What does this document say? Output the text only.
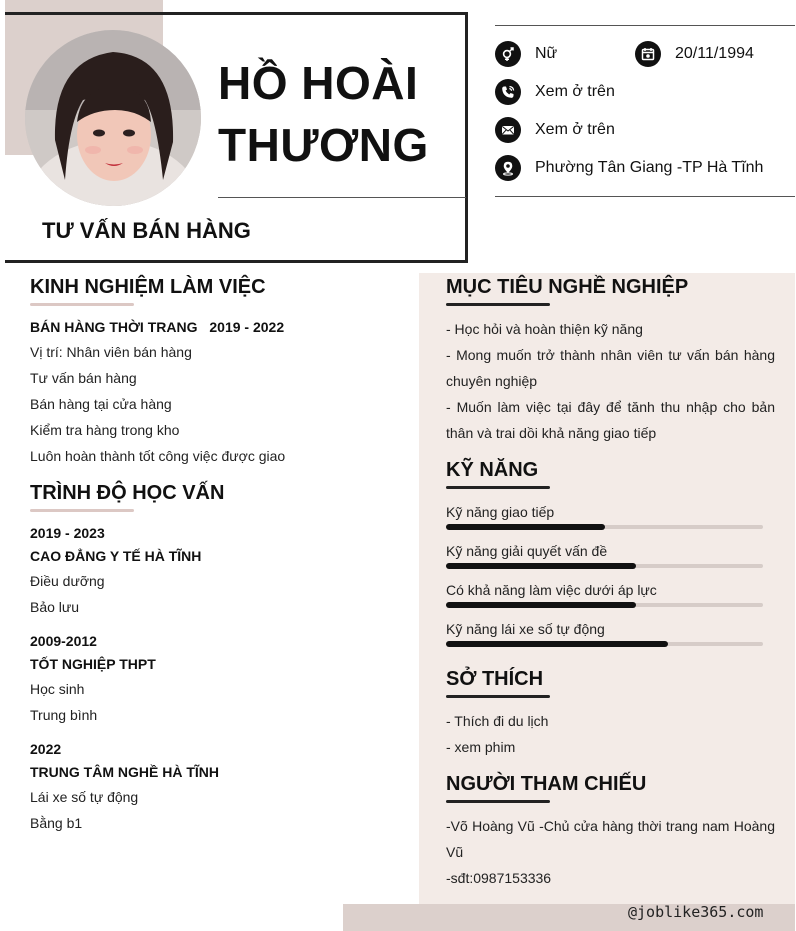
HỒ HOÀI
THƯƠNG
TƯ VẤN BÁN HÀNG
Nữ	20/11/1994
Xem ở trên
Xem ở trên
Phường Tân Giang -TP Hà Tĩnh
KINH NGHIỆM LÀM VIỆC
BÁN HÀNG THỜI TRANG 2019 - 2022
Vị trí: Nhân viên bán hàng
Tư vấn bán hàng
Bán hàng tại cửa hàng
Kiểm tra hàng trong kho
Luôn hoàn thành tốt công việc được giao
TRÌNH ĐỘ HỌC VẤN
2019 - 2023
CAO ĐẲNG Y TẾ HÀ TĨNH
Điều dưỡng
Bảo lưu
2009-2012
TỐT NGHIỆP THPT
Học sinh
Trung bình
2022
TRUNG TÂM NGHỀ HÀ TĨNH
Lái xe số tự động
Bằng b1
MỤC TIÊU NGHỀ NGHIỆP
- Học hỏi và hoàn thiện kỹ năng
- Mong muốn trở thành nhân viên tư vấn bán hàng chuyên nghiệp
- Muốn làm việc tại đây để tănh thu nhập cho bản thân và trai dồi khả năng giao tiếp
KỸ NĂNG
Kỹ năng giao tiếp
Kỹ năng giải quyết vấn đề
Có khả năng làm việc dưới áp lực
Kỹ năng lái xe số tự động
SỞ THÍCH
- Thích đi du lịch
- xem phim
NGƯỜI THAM CHIẾU
-Võ Hoàng Vũ -Chủ cửa hàng thời trang nam Hoàng Vũ
-sđt:0987153336
@joblike365.com
